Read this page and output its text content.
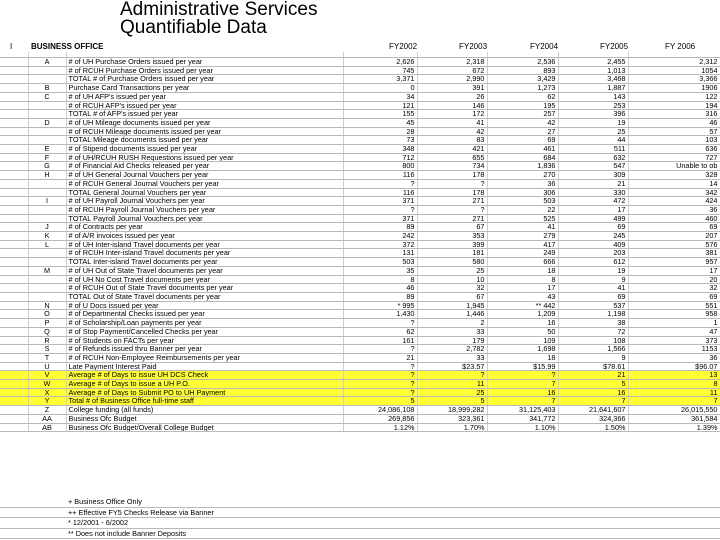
Administrative Services
Quantifiable Data
I BUSINESS OFFICE	FY2002	FY2003	FY2004	FY2005	FY 2006

	A	# of UH Purchase Orders issued per year	2,626	2,318	2,536	2,455	2,312
		# of RCUH Purchase Orders issued per year	745	672	893	1,013	1054
		TOTAL # of Purchase Orders issued per year	3,371	2,990	3,429	3,468	3,366
	B	Purchase Card Transactions per year	0	391	1,273	1,887	1906
	C	# of UH AFP's issued per year	34	26	62	143	122
		# of RCUH AFP's issued per year	121	146	195	253	194
		TOTAL # of AFP's issued per year	155	172	257	396	316
	D	# of UH Mileage documents issued per year	45	41	42	19	46
		# of RCUH Mileage documents issued per year	28	42	27	25	57
		TOTAL Mileage documents issued per year	73	83	69	44	103
	E	# of Stipend documents issued per year	348	421	461	511	636
	F	# of UH/RCUH RUSH Requestions issued per year	712	655	684	632	727
	G	# of Financial Aid Checks released per year	800	734	1,836	547	Unable to ob
	H	# of UH General Journal Vouchers per year	116	178	270	309	328
		# of RCUH General Journal Vouchers per year	?	?	36	21	14
		TOTAL General Journal Vouchers per year	116	178	306	330	342
	I	# of UH Payroll Journal Vouchers per year	371	271	503	472	424
		# of RCUH Payroll Journal Vouchers per year	?	?	22	17	36
		TOTAL Payroll Journal Vouchers per year	371	271	525	499	460
	J	# of Contracts per year	89	67	41	69	69
	K	# of A/R invoices issued per year	242	353	279	245	207
	L	# of UH Inter-island Travel documents per year	372	399	417	409	576
		# of RCUH Inter-island Travel documents per year	131	181	249	203	381
		TOTAL Inter-island Travel documents per year	503	580	666	612	957
	M	# of UH Out of State Travel documents per year	35	25	18	19	17
		# of UH No Cost Travel documents per year	8	10	8	9	20
		# of RCUH Out of State Travel documents per year	46	32	17	41	32
		TOTAL Out of State Travel documents per year	89	67	43	69	69
	N	# of U Docs issued per year	* 995	1,945	** 442	537	551
	O	# of Departmental Checks issued per year	1,430	1,446	1,209	1,198	958
	P	# of Scholarship/Loan payments per year	?	2	16	38	1
	Q	# of Stop Payment/Cancelled Checks per year	62	33	50	72	47
	R	# of Students on FACTs per year	161	179	109	108	373
	S	# of Refunds issued thru Banner per year	?	2,782	1,698	1,566	1153
	T	# of RCUH Non-Employee Reimbursements per year	21	33	18	9	36
	U	Late Payment Interest Paid	?	$23.57	$15.99	$78.61	$96.07
	V	Average # of Days to issue UH DCS Check	?	?	?	21	13
	W	Average # of Days to issue a UH P.O.	?	11	7	5	8
	X	Average # of Days to Submit PO to UH Payment	?	25	16	16	11
	Y	Total # of Business Office full-time staff	5	5	7	7	7
	Z	College funding (all funds)	24,086,108	18,999,282	31,125,403	21,641,607	26,015,550
	AA	Business Ofc Budget	269,856	323,361	341,772	324,366	361,584
	AB	Business Ofc Budget/Overall College Budget	1.12%	1.70%	1.10%	1.50%	1.39%
	+ Business Office Only
	++ Effective FY5 Checks Release via Banner
	* 12/2001 - 6/2002
	** Does not include Banner Deposits
